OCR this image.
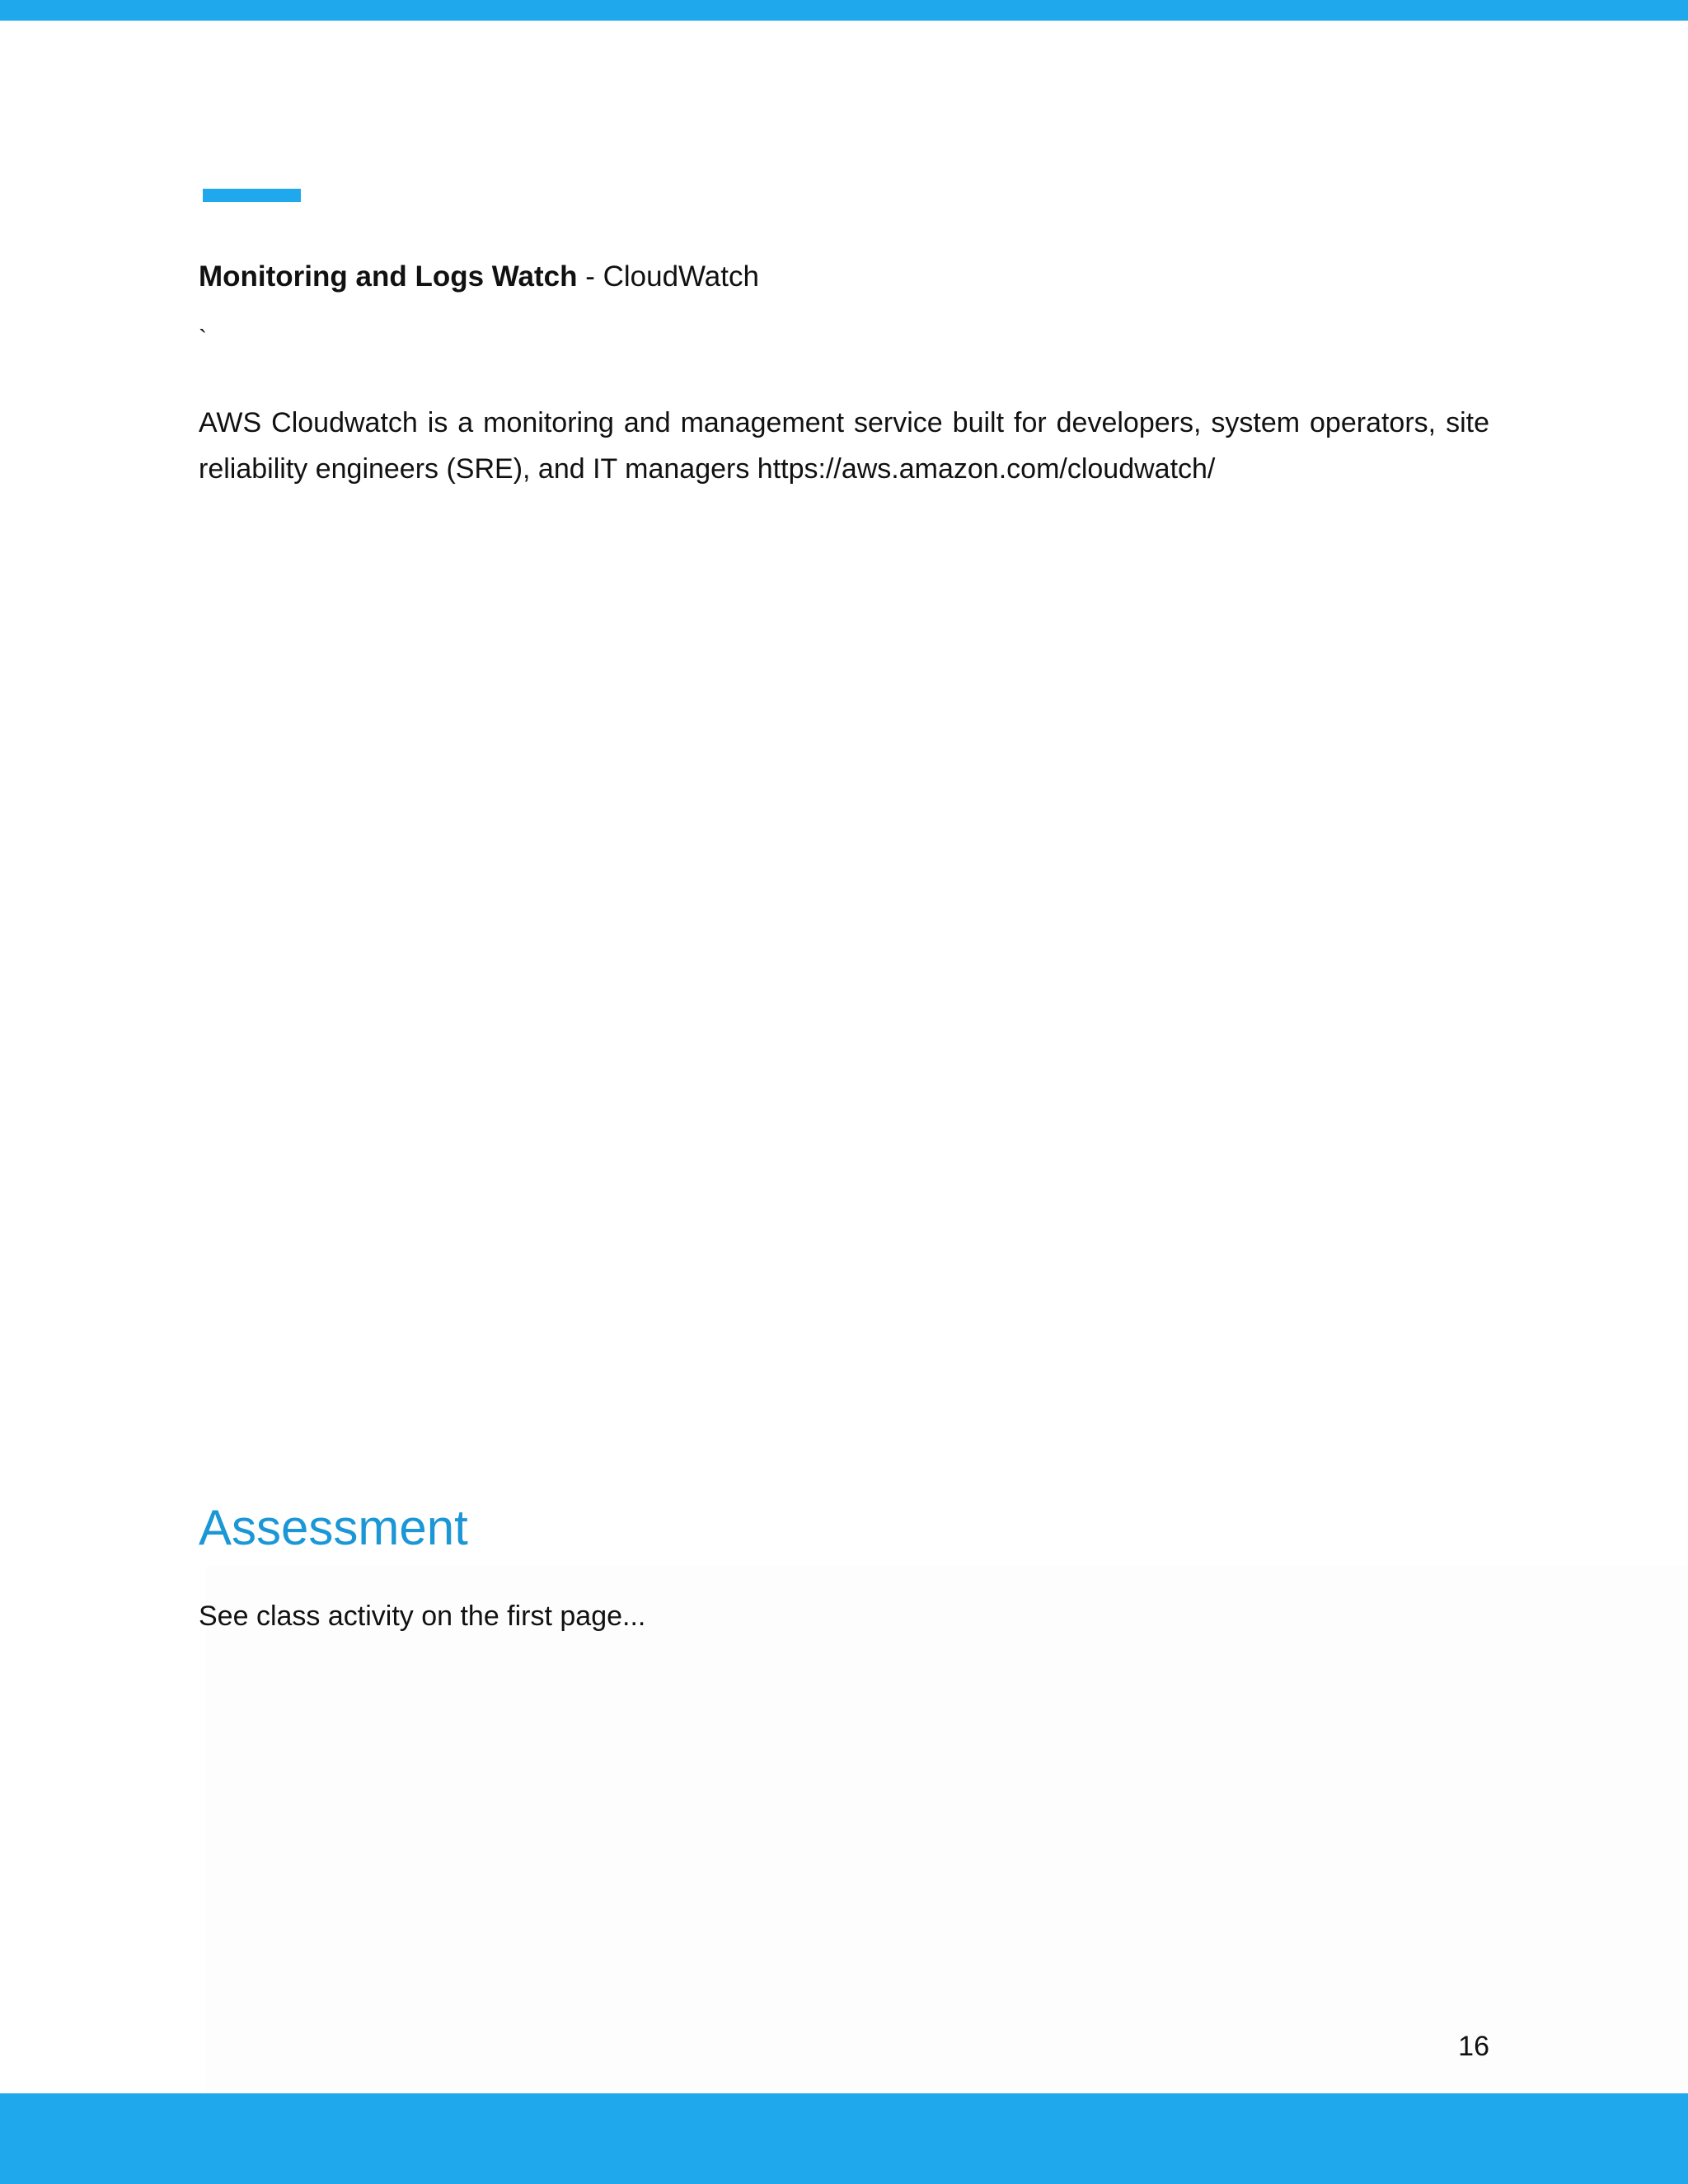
Monitoring and Logs Watch - CloudWatch
`

AWS Cloudwatch is a monitoring and management service built for developers, system operators, site reliability engineers (SRE), and IT managers https://aws.amazon.com/cloudwatch/

Assessment

See class activity on the first page...

16
